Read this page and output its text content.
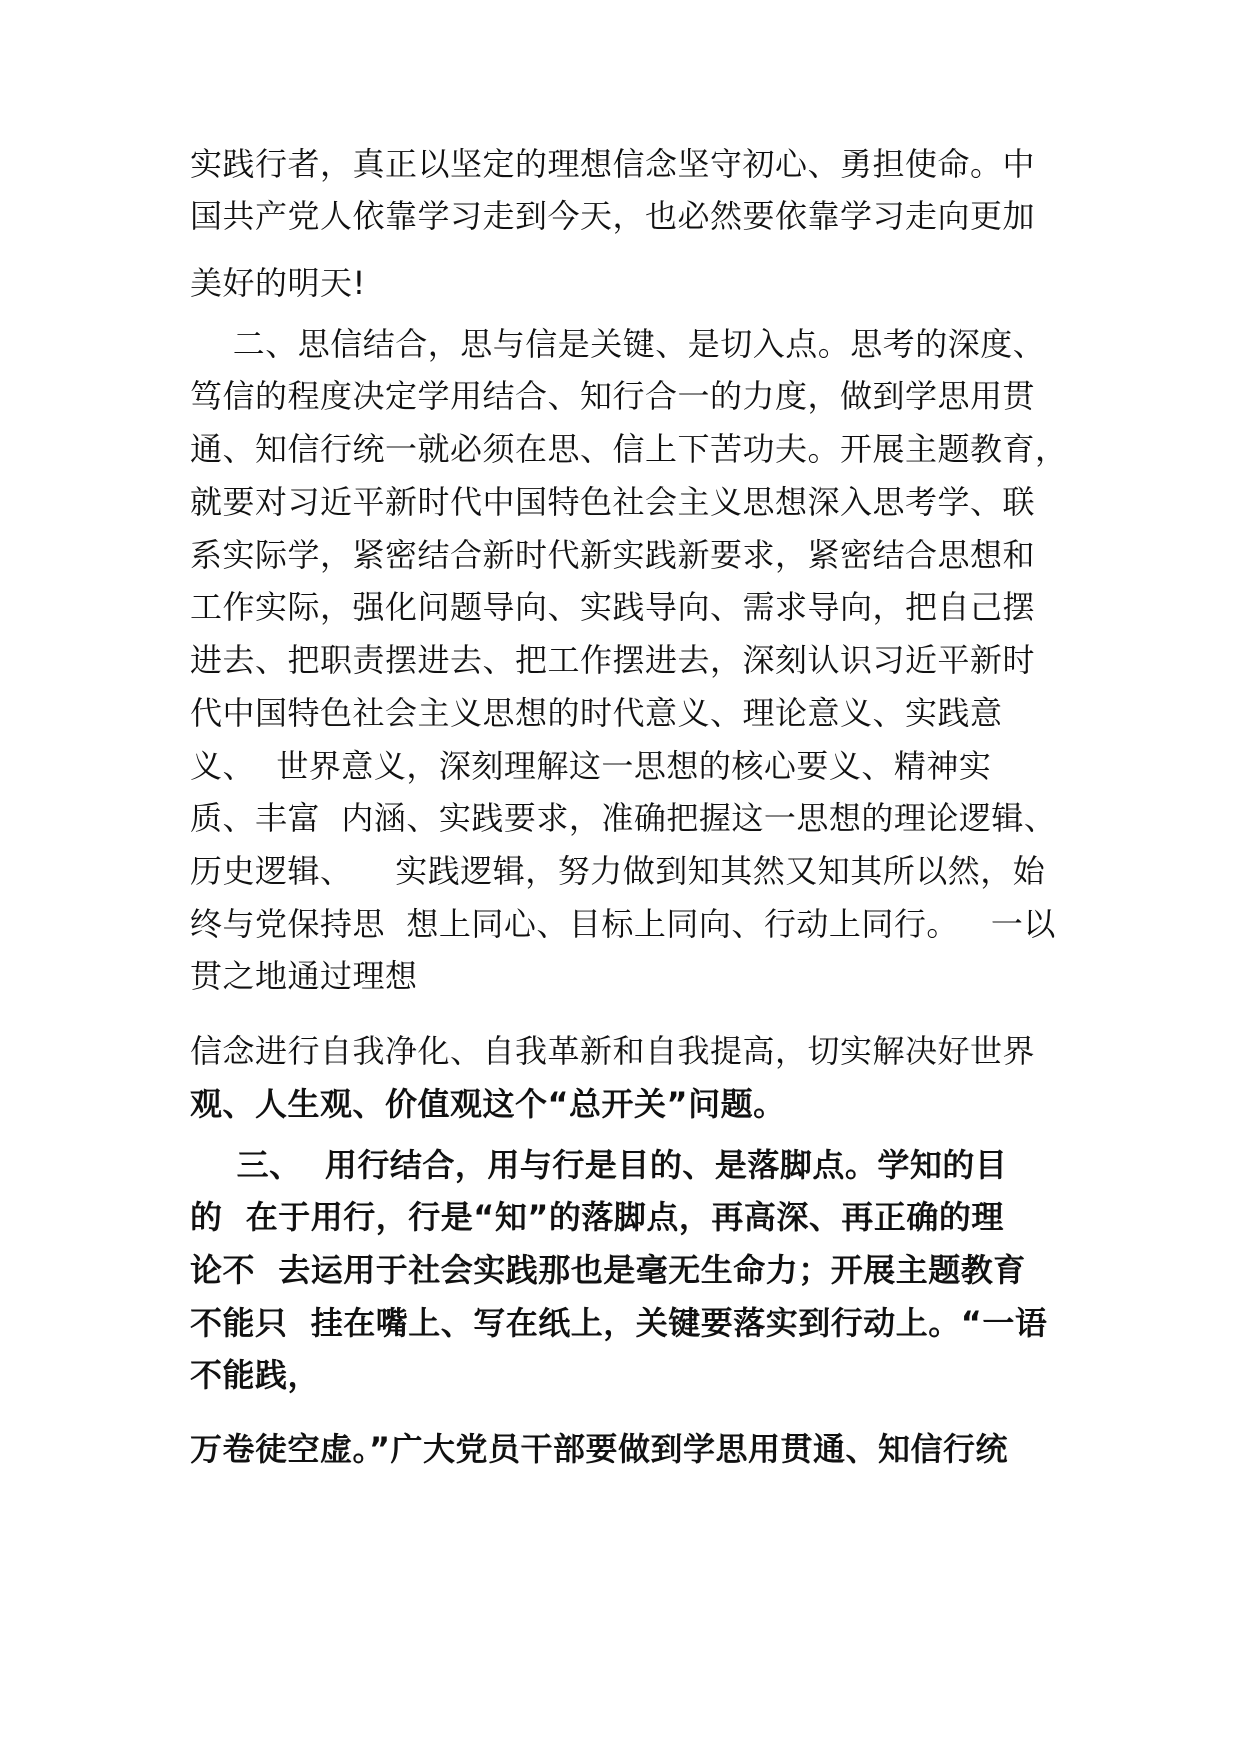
实践行者，真正以坚定的理想信念坚守初心、勇担使命。中

国共产党人依靠学习走到今天，也必然要依靠学习走向更加

美好的明天!

二、思信结合，思与信是关键、是切入点。思考的深度、

笃信的程度决定学用结合、知行合一的力度，做到学思用贯

通、知信行统一就必须在思、信上下苦功夫。开展主题教育，

就要对习近平新时代中国特色社会主义思想深入思考学、联

系实际学，紧密结合新时代新实践新要求，紧密结合思想和

工作实际，强化问题导向、实践导向、需求导向，把自己摆

进去、把职责摆进去、把工作摆进去，深刻认识习近平新时

代中国特色社会主义思想的时代意义、理论意义、实践意

义、  世界意义，深刻理解这一思想的核心要义、精神实

质、丰富  内涵、实践要求，准确把握这一思想的理论逻辑、

历史逻辑、    实践逻辑，努力做到知其然又知其所以然，始

终与党保持思  想上同心、目标上同向、行动上同行。   一以

贯之地通过理想

信念进行自我净化、自我革新和自我提高，切实解决好世界

观、人生观、价值观这个“总开关”问题。

三、  用行结合，用与行是目的、是落脚点。学知的目

的  在于用行，行是“知”的落脚点，再高深、再正确的理

论不  去运用于社会实践那也是毫无生命力；开展主题教育

不能只  挂在嘴上、写在纸上，关键要落实到行动上。“一语

不能践，

万卷徒空虚。”广大党员干部要做到学思用贯通、知信行统
